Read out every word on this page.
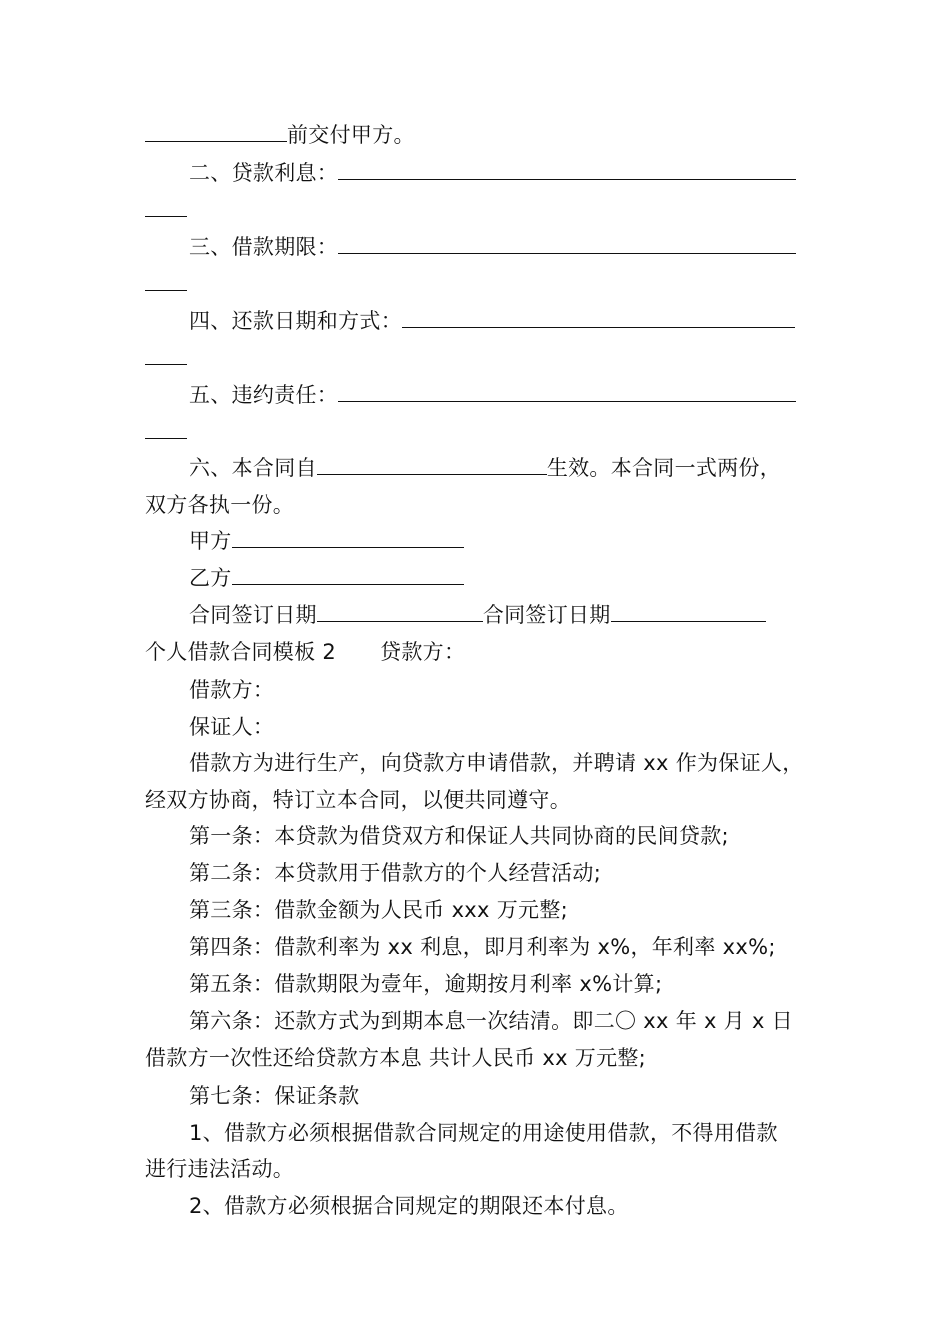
前交付甲方。
二、贷款利息：
三、借款期限：
四、还款日期和方式：
五、违约责任：
六、本合同自	生效。本合同一式两份，
双方各执一份。
甲方
乙方
合同签订日期	合同签订日期
个人借款合同模板 2 贷款方：
借款方：
保证人：
借款方为进行生产，向贷款方申请借款，并聘请 xx 作为保证人，
经双方协商，特订立本合同，以便共同遵守。
第一条：本贷款为借贷双方和保证人共同协商的民间贷款;
第二条：本贷款用于借款方的个人经营活动;
第三条：借款金额为人民币 xxx 万元整;
第四条：借款利率为 xx 利息，即月利率为 x%，年利率 xx%;
第五条：借款期限为壹年，逾期按月利率 x%计算;
第六条：还款方式为到期本息一次结清。即二〇 xx 年 x 月 x 日
借款方一次性还给贷款方本息 共计人民币 xx 万元整;
第七条：保证条款
1、借款方必须根据借款合同规定的用途使用借款，不得用借款
进行违法活动。
2、借款方必须根据合同规定的期限还本付息。
